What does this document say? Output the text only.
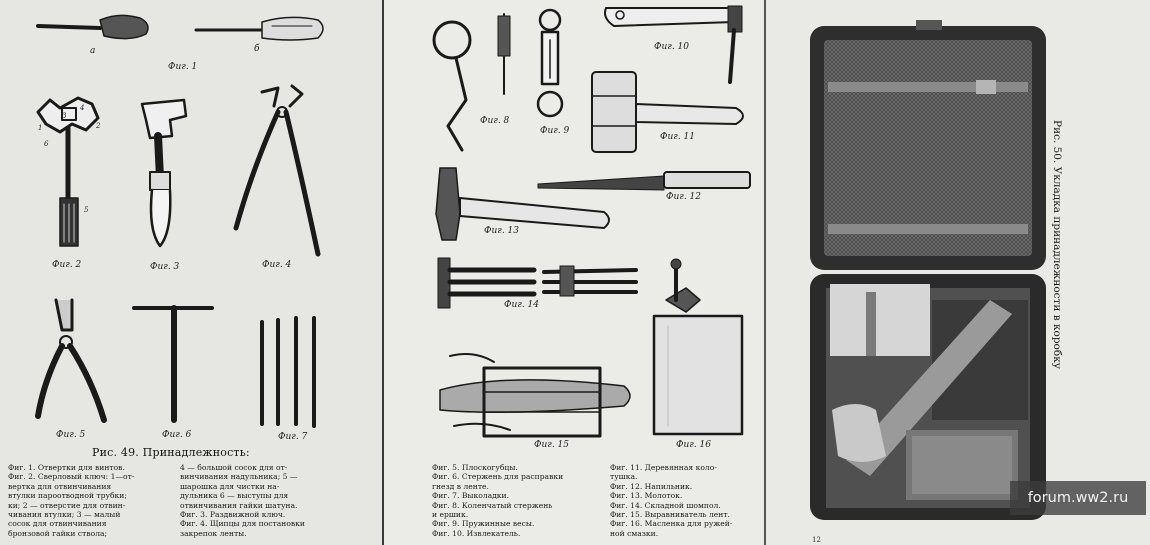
а	б
Фиг. 1
Фиг. 2	Фиг. 3	Фиг. 4
Фиг. 5	Фиг. 6	Фиг. 7
1	2
3
4
5
6
Рис. 49. Принадлежность:
Фиг. 1. Отвертки для винтов.
Фиг. 2. Сверловый ключ: 1—от-
вертка для отвинчивания
втулки пароотводной трубки;
ки; 2 — отверстие для отвин-
чивания втулки; 3 — малый
сосок для отвинчивания
бронзовой гайки ствола;
4 — большой сосок для от-
винчивания надульника; 5 —
шарошка для чистки на-
дульника 6 — выступы для
отвинчивания гайки шатуна.
Фиг. 3. Раздвижной ключ.
Фиг. 4. Щипцы для постановки
закрепок ленты.
Фиг. 8
Фиг. 9
Фиг. 10
Фиг. 11
Фиг. 12
Фиг. 13
Фиг. 14
Фиг. 15	Фиг. 16
Фиг. 5. Плоскогубцы.
Фиг. 6. Стержень для расправки
гнезд в ленте.
Фиг. 7. Выколадки.
Фиг. 8. Коленчатый стержень
и ершик.
Фиг. 9. Пружинные весы.
Фиг. 10. Извлекатель.
Фиг. 11. Деревянная коло-
тушка.
Фиг. 12. Напильник.
Фиг. 13. Молоток.
Фиг. 14. Складной шомпол.
Фиг. 15. Выравниватель лент.
Фиг. 16. Масленка для ружей-
ной смазки.
Рис. 50. Укладка принадлежности в коробку
12
forum.ww2.ru
